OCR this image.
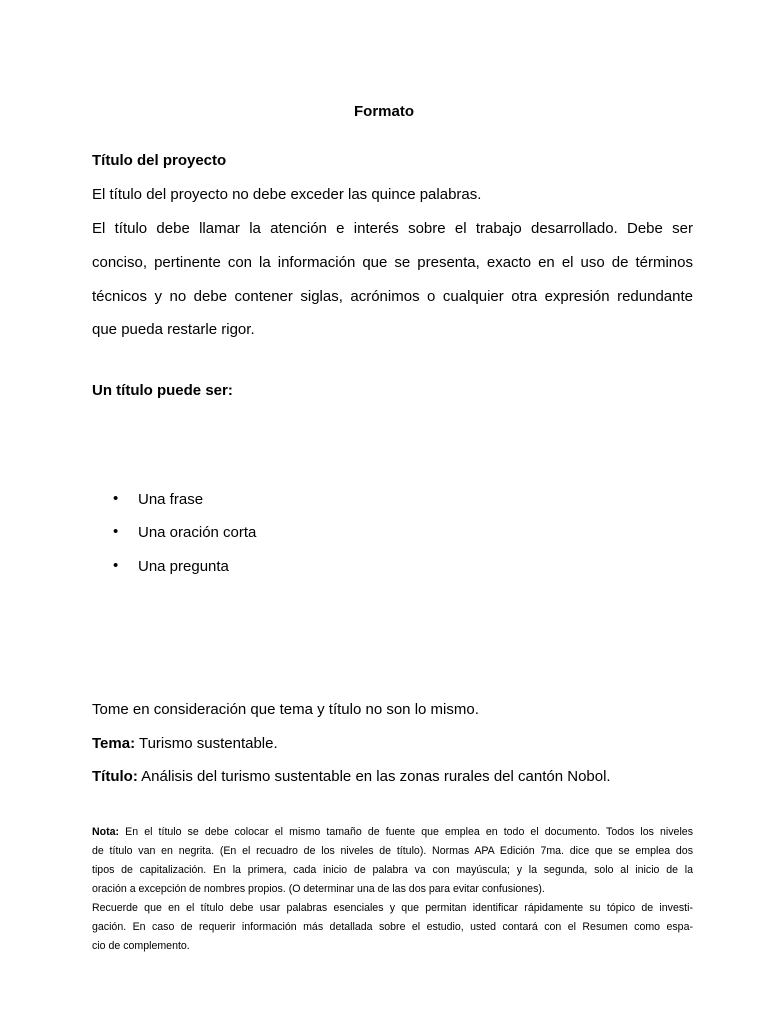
Formato

Título del proyecto

El título del proyecto no debe exceder las quince palabras.

El título debe llamar la atención e interés sobre el trabajo desarrollado. Debe ser

conciso, pertinente con la información que se presenta, exacto en el uso de términos

técnicos y no debe contener siglas, acrónimos o cualquier otra expresión redundante

que pueda restarle rigor.

Un título puede ser:

• Una frase
• Una oración corta
• Una pregunta

Tome en consideración que tema y título no son lo mismo.

Tema: Turismo sustentable.

Título: Análisis del turismo sustentable en las zonas rurales del cantón Nobol.

Nota: En el título se debe colocar el mismo tamaño de fuente que emplea en todo el documento. Todos los niveles
de título van en negrita. (En el recuadro de los niveles de título). Normas APA Edición 7ma. dice que se emplea dos
tipos de capitalización. En la primera, cada inicio de palabra va con mayúscula; y la segunda, solo al inicio de la
oración a excepción de nombres propios. (O determinar una de las dos para evitar confusiones).
Recuerde que en el título debe usar palabras esenciales y que permitan identificar rápidamente su tópico de investi-
gación. En caso de requerir información más detallada sobre el estudio, usted contará con el Resumen como espa-
cio de complemento.
